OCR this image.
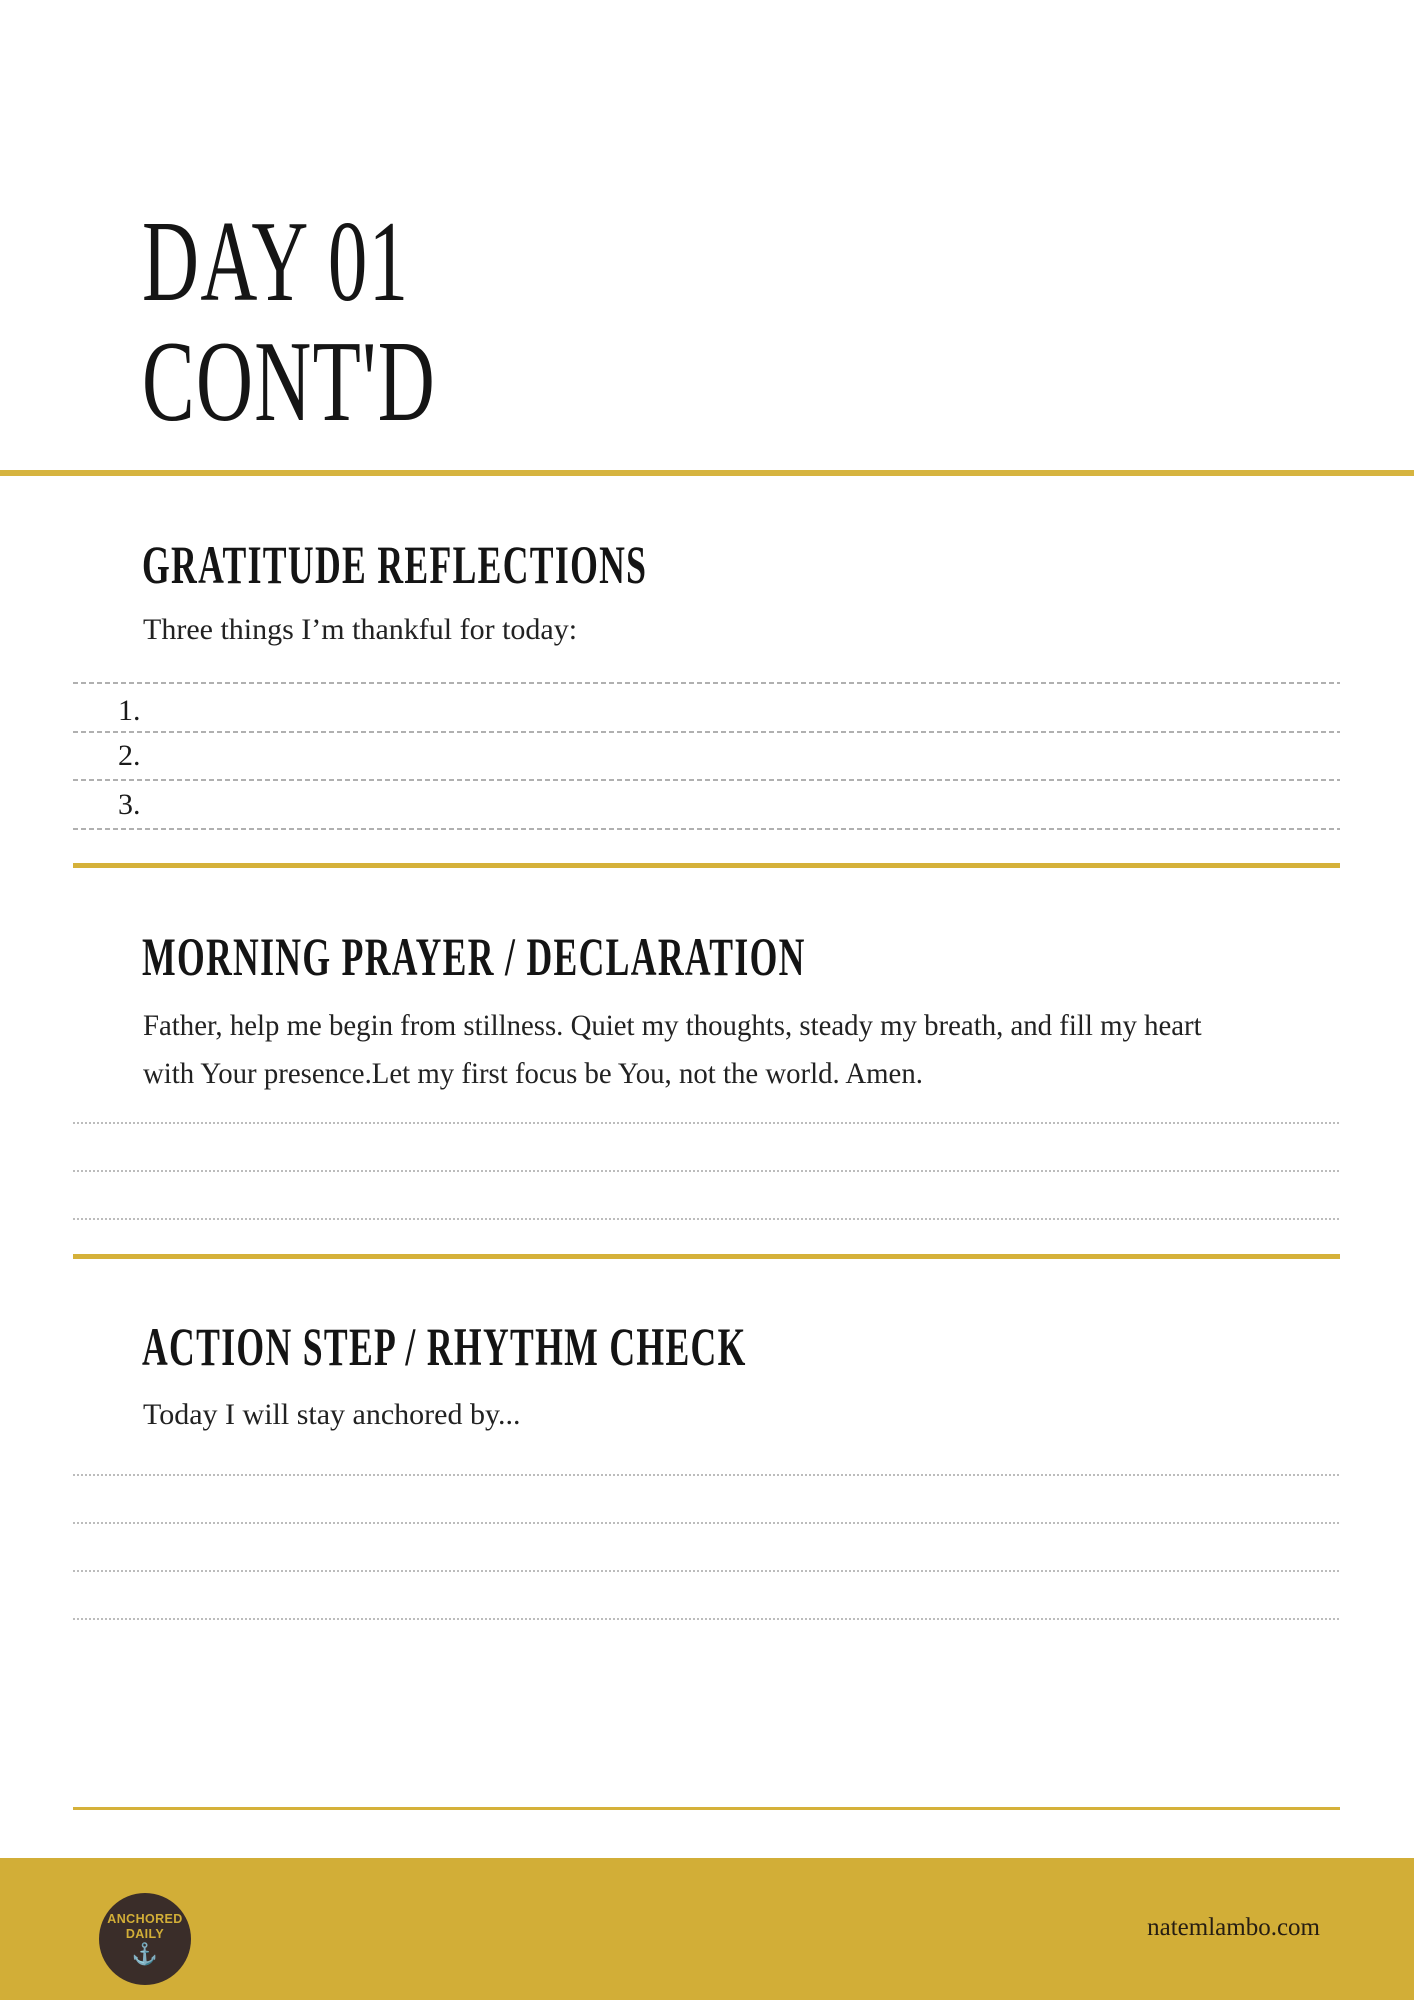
DAY 01
CONT'D
GRATITUDE REFLECTIONS
Three things I’m thankful for today:
1.
2.
3.
MORNING PRAYER / DECLARATION
Father, help me begin from stillness. Quiet my thoughts, steady my breath, and fill my heart
with Your presence.Let my first focus be You, not the world. Amen.
ACTION STEP / RHYTHM CHECK
Today I will stay anchored by...
ANCHORED
DAILY
⚓
natemlambo.com
